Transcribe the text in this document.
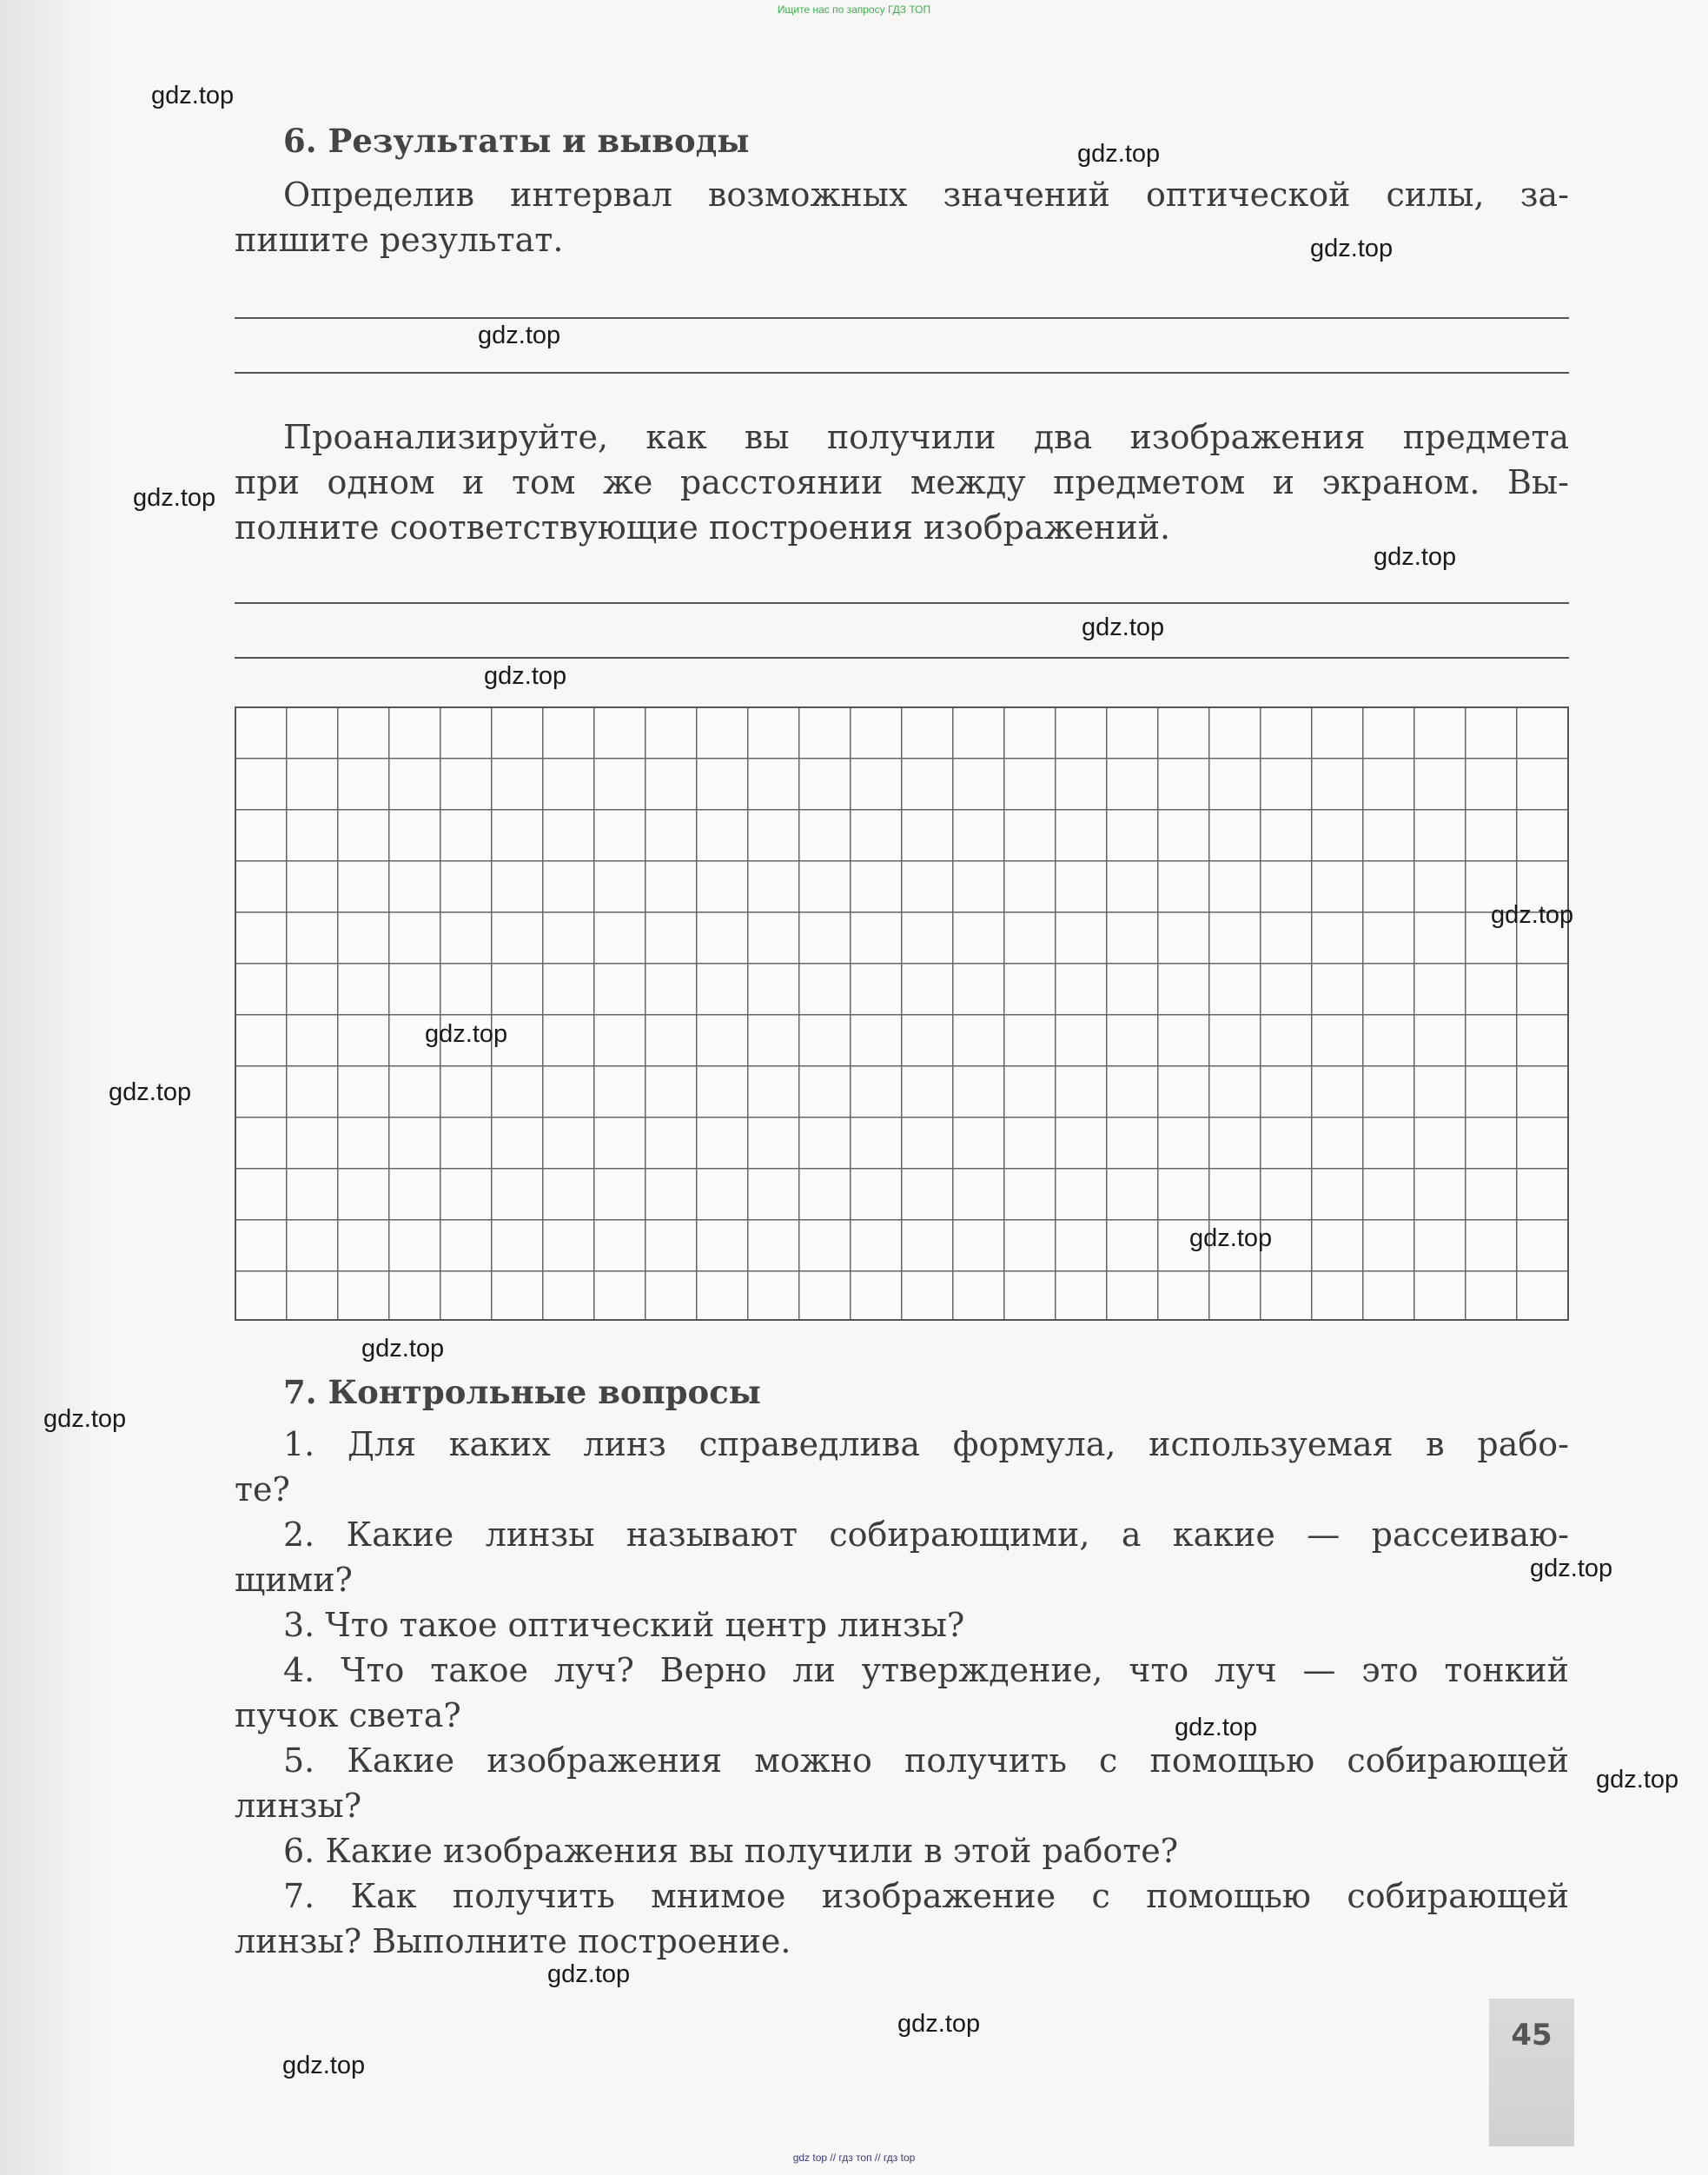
Ищите нас по запросу ГДЗ ТОП
6. Результаты и выводы
Определив интервал возможных значений оптической силы, за-
пишите результат.
Проанализируйте, как вы получили два изображения предмета
при одном и том же расстоянии между предметом и экраном. Вы-
полните соответствующие построения изображений.
7. Контрольные вопросы
1. Для каких линз справедлива формула, используемая в рабо-
те?
2. Какие линзы называют собирающими, а какие — рассеиваю-
щими?
3. Что такое оптический центр линзы?
4. Что такое луч? Верно ли утверждение, что луч — это тонкий
пучок света?
5. Какие изображения можно получить с помощью собирающей
линзы?
6. Какие изображения вы получили в этой работе?
7. Как получить мнимое изображение с помощью собирающей
линзы? Выполните построение.
45
gdz.top
gdz.top
gdz.top
gdz.top
gdz.top
gdz.top
gdz.top
gdz.top
gdz.top
gdz.top
gdz.top
gdz.top
gdz.top
gdz.top
gdz.top
gdz.top
gdz.top
gdz.top
gdz.top
gdz.top
gdz top // гдз топ // гдз top
